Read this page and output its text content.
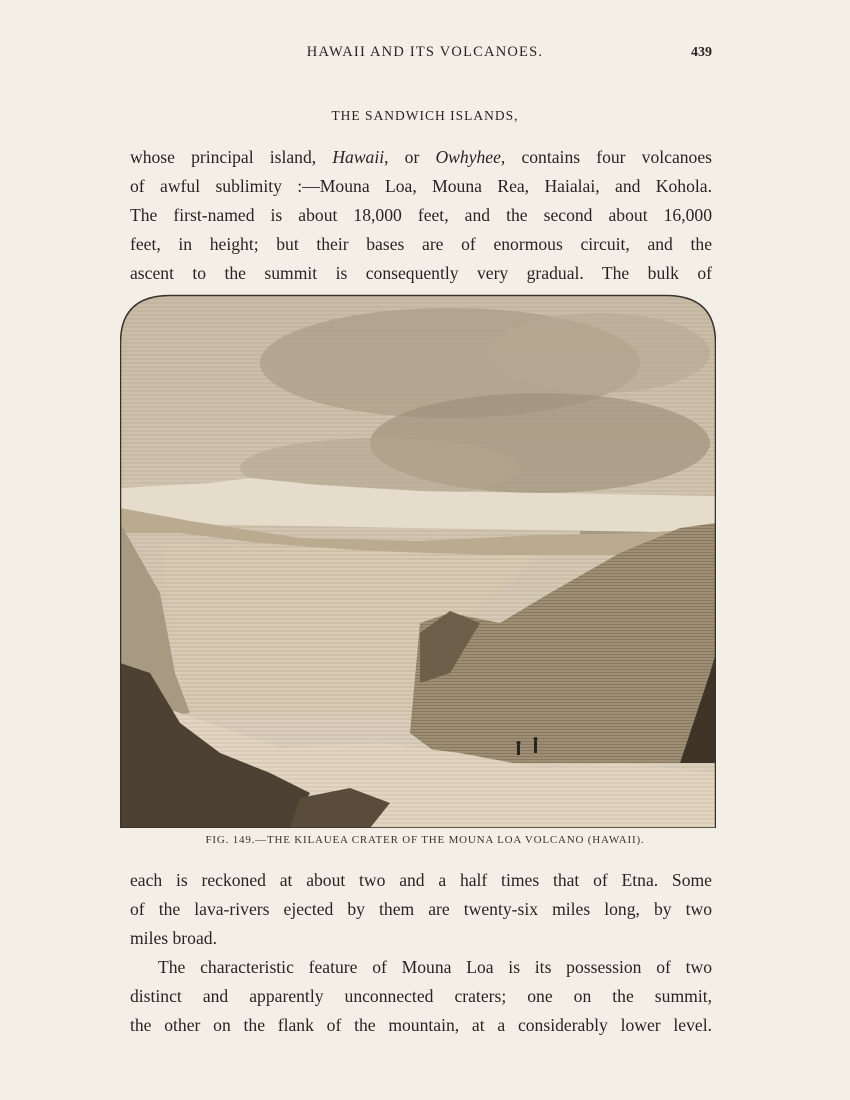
HAWAII AND ITS VOLCANOES.	439
THE SANDWICH ISLANDS,
whose principal island, Hawaii, or Owhyhee, contains four volcanoes
of awful sublimity :—Mouna Loa, Mouna Rea, Haialai, and Kohola.
The first-named is about 18,000 feet, and the second about 16,000
feet, in height; but their bases are of enormous circuit, and the
ascent to the summit is consequently very gradual. The bulk of
FIG. 149.—THE KILAUEA CRATER OF THE MOUNA LOA VOLCANO (HAWAII).
each is reckoned at about two and a half times that of Etna. Some
of the lava-rivers ejected by them are twenty-six miles long, by two
miles broad.
The characteristic feature of Mouna Loa is its possession of two
distinct and apparently unconnected craters; one on the summit,
the other on the flank of the mountain, at a considerably lower level.
